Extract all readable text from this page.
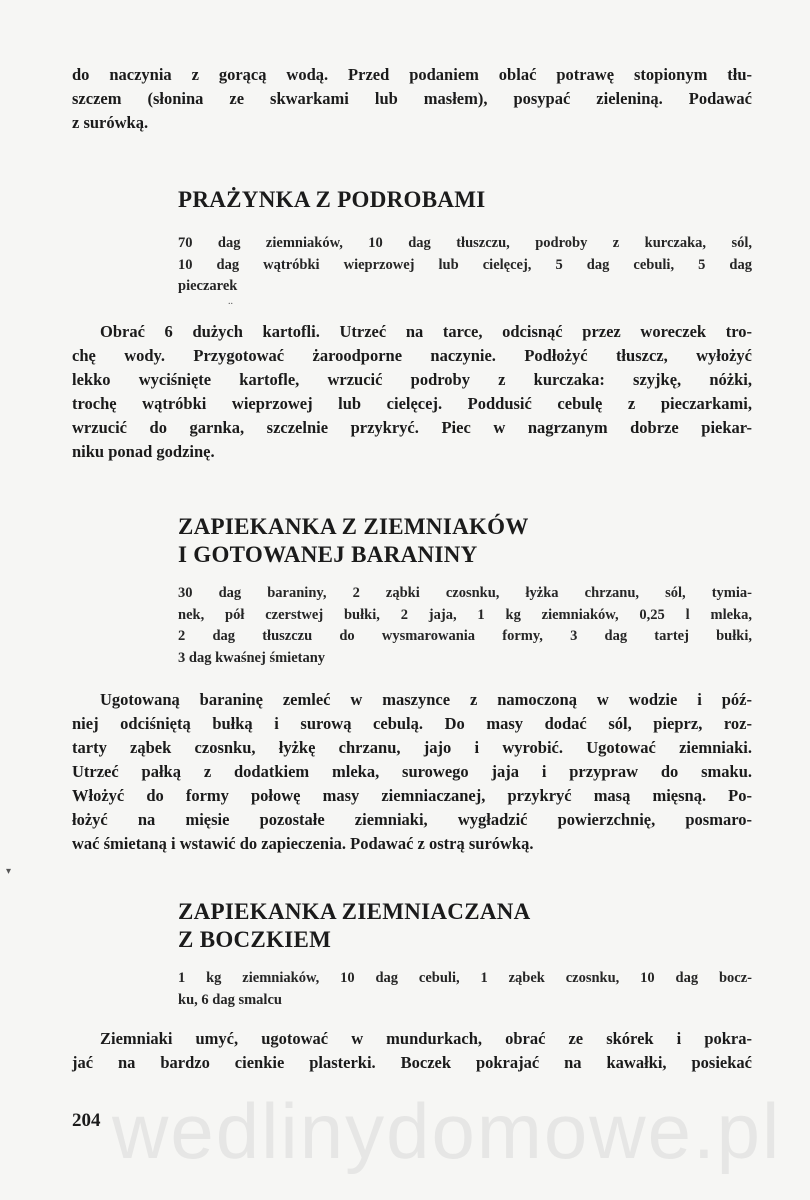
do naczynia z gorącą wodą. Przed podaniem oblać potrawę stopionym tłu-
szczem (słonina ze skwarkami lub masłem), posypać zieleniną. Podawać
z surówką.

PRAŻYNKA Z PODROBAMI

70 dag ziemniaków, 10 dag tłuszczu, podroby z kurczaka, sól,
10 dag wątróbki wieprzowej lub cielęcej, 5 dag cebuli, 5 dag
pieczarek

..

Obrać 6 dużych kartofli. Utrzeć na tarce, odcisnąć przez woreczek tro-
chę wody. Przygotować żaroodporne naczynie. Podłożyć tłuszcz, wyłożyć
lekko wyciśnięte kartofle, wrzucić podroby z kurczaka: szyjkę, nóżki,
trochę wątróbki wieprzowej lub cielęcej. Poddusić cebulę z pieczarkami,
wrzucić do garnka, szczelnie przykryć. Piec w nagrzanym dobrze piekar-
niku ponad godzinę.

ZAPIEKANKA Z ZIEMNIAKÓW
I GOTOWANEJ BARANINY

30 dag baraniny, 2 ząbki czosnku, łyżka chrzanu, sól, tymia-
nek, pół czerstwej bułki, 2 jaja, 1 kg ziemniaków, 0,25 l mleka,
2 dag tłuszczu do wysmarowania formy, 3 dag tartej bułki,
3 dag kwaśnej śmietany

Ugotowaną baraninę zemleć w maszynce z namoczoną w wodzie i póź-
niej odciśniętą bułką i surową cebulą. Do masy dodać sól, pieprz, roz-
tarty ząbek czosnku, łyżkę chrzanu, jajo i wyrobić. Ugotować ziemniaki.
Utrzeć pałką z dodatkiem mleka, surowego jaja i przypraw do smaku.
Włożyć do formy połowę masy ziemniaczanej, przykryć masą mięsną. Po-
łożyć na mięsie pozostałe ziemniaki, wygładzić powierzchnię, posmaro-
wać śmietaną i wstawić do zapieczenia. Podawać z ostrą surówką.

▾
ZAPIEKANKA ZIEMNIACZANA
Z BOCZKIEM

1 kg ziemniaków, 10 dag cebuli, 1 ząbek czosnku, 10 dag bocz-
ku, 6 dag smalcu

Ziemniaki umyć, ugotować w mundurkach, obrać ze skórek i pokra-
jać na bardzo cienkie plasterki. Boczek pokrajać na kawałki, posiekać

wedlinydomowe.pl
204
